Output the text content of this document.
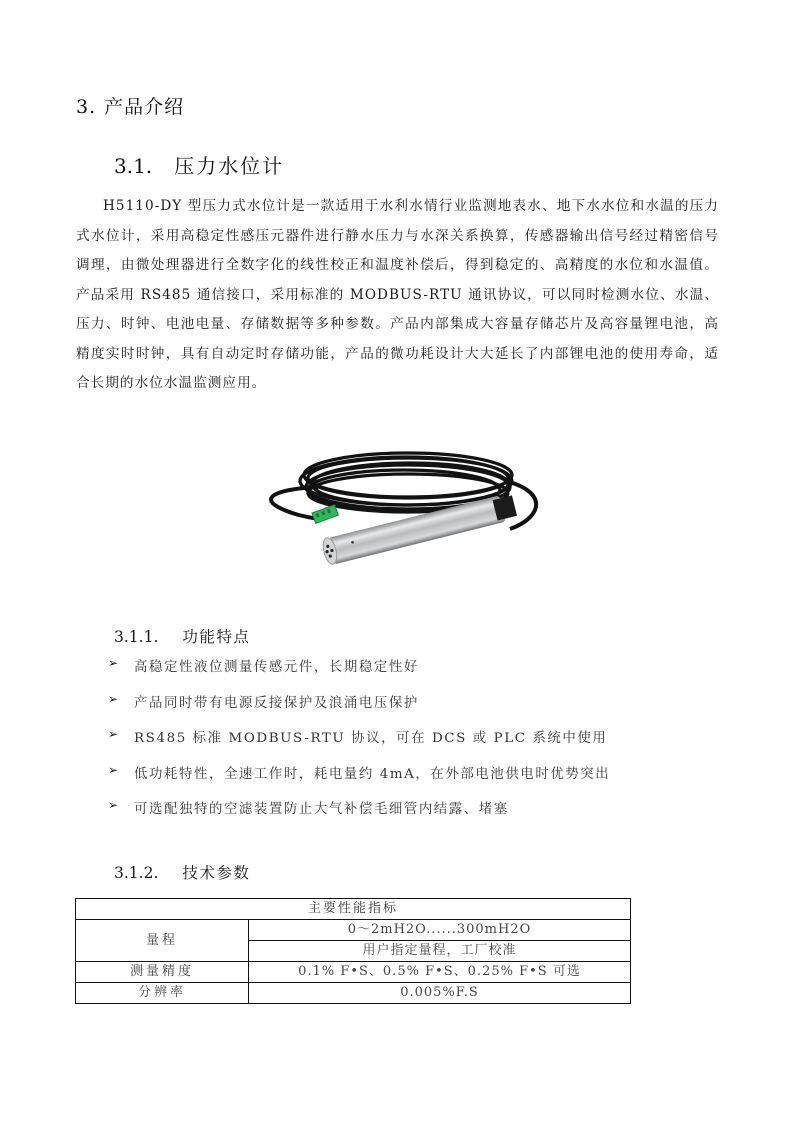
3. 产品介绍
3.1. 压力水位计

H5110-DY 型压力式水位计是一款适用于水利水情行业监测地表水、地下水水位和水温的压力式水位计，采用高稳定性感压元器件进行静水压力与水深关系换算，传感器输出信号经过精密信号调理，由微处理器进行全数字化的线性校正和温度补偿后，得到稳定的、高精度的水位和水温值。产品采用 RS485 通信接口，采用标准的 MODBUS-RTU 通讯协议，可以同时检测水位、水温、压力、时钟、电池电量、存储数据等多种参数。产品内部集成大容量存储芯片及高容量锂电池，高精度实时时钟，具有自动定时存储功能，产品的微功耗设计大大延长了内部锂电池的使用寿命，适合长期的水位水温监测应用。

3.1.1. 功能特点
➢	高稳定性液位测量传感元件，长期稳定性好
➢	产品同时带有电源反接保护及浪涌电压保护
➢	RS485 标准 MODBUS-RTU 协议，可在 DCS 或 PLC 系统中使用
➢	低功耗特性，全速工作时，耗电量约 4mA，在外部电池供电时优势突出
➢	可选配独特的空滤装置防止大气补偿毛细管内结露、堵塞
3.1.2. 技术参数
主要性能指标	
量程	0～2mH2O......300mH2O
	用户指定量程，工厂校准
测量精度	0.1% F•S、0.5% F•S、0.25% F•S 可选
分辨率	0.005%F.S
